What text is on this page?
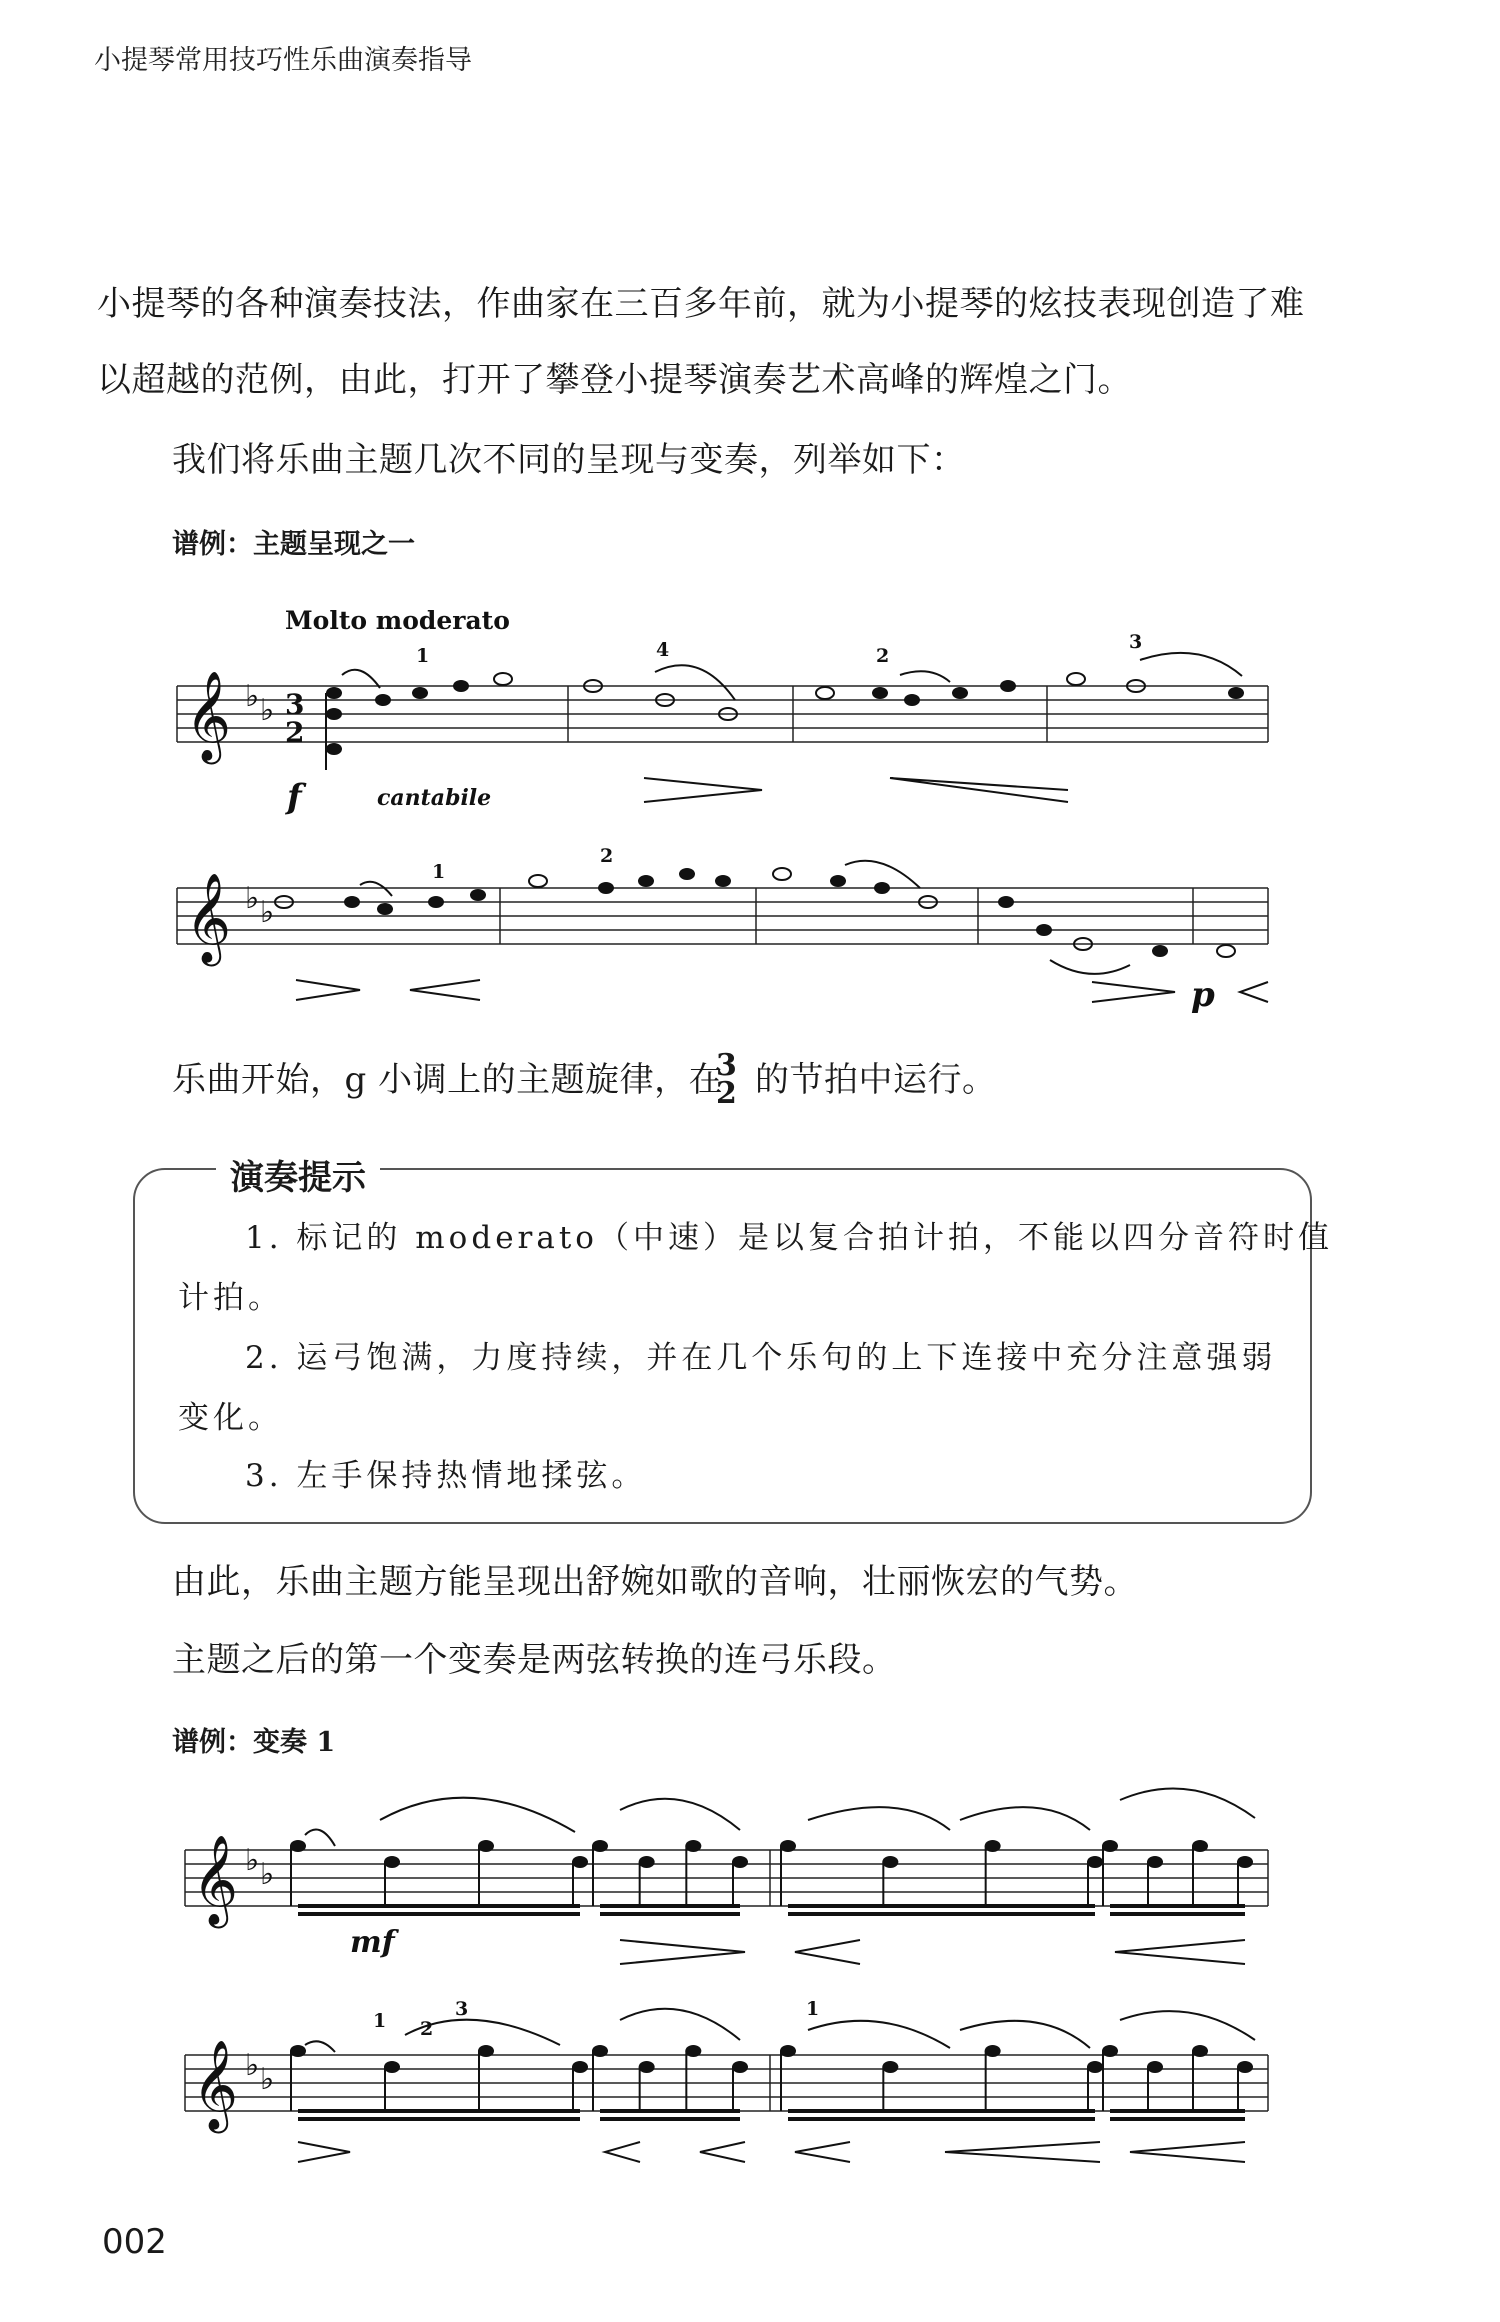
小提琴常用技巧性乐曲演奏指导
小提琴的各种演奏技法，作曲家在三百多年前，就为小提琴的炫技表现创造了难
以超越的范例，由此，打开了攀登小提琴演奏艺术高峰的辉煌之门。
我们将乐曲主题几次不同的呈现与变奏，列举如下：
谱例：主题呈现之一
𝄞
𝄞
♭ ♭
♭ ♭
3
2
Molto moderato
f	cantabile
p
1	4	2
3
1
2
乐曲开始，g 小调上的主题旋律，在
3
2 的节拍中运行。
演奏提示
1. 标记的 moderato（中速）是以复合拍计拍，不能以四分音符时值
计拍。
2. 运弓饱满，力度持续，并在几个乐句的上下连接中充分注意强弱
变化。
3. 左手保持热情地揉弦。
由此，乐曲主题方能呈现出舒婉如歌的音响，壮丽恢宏的气势。
主题之后的第一个变奏是两弦转换的连弓乐段。
谱例：变奏 1
𝄞
𝄞
♭ ♭
♭ ♭
mf
1 2
3	1
002
